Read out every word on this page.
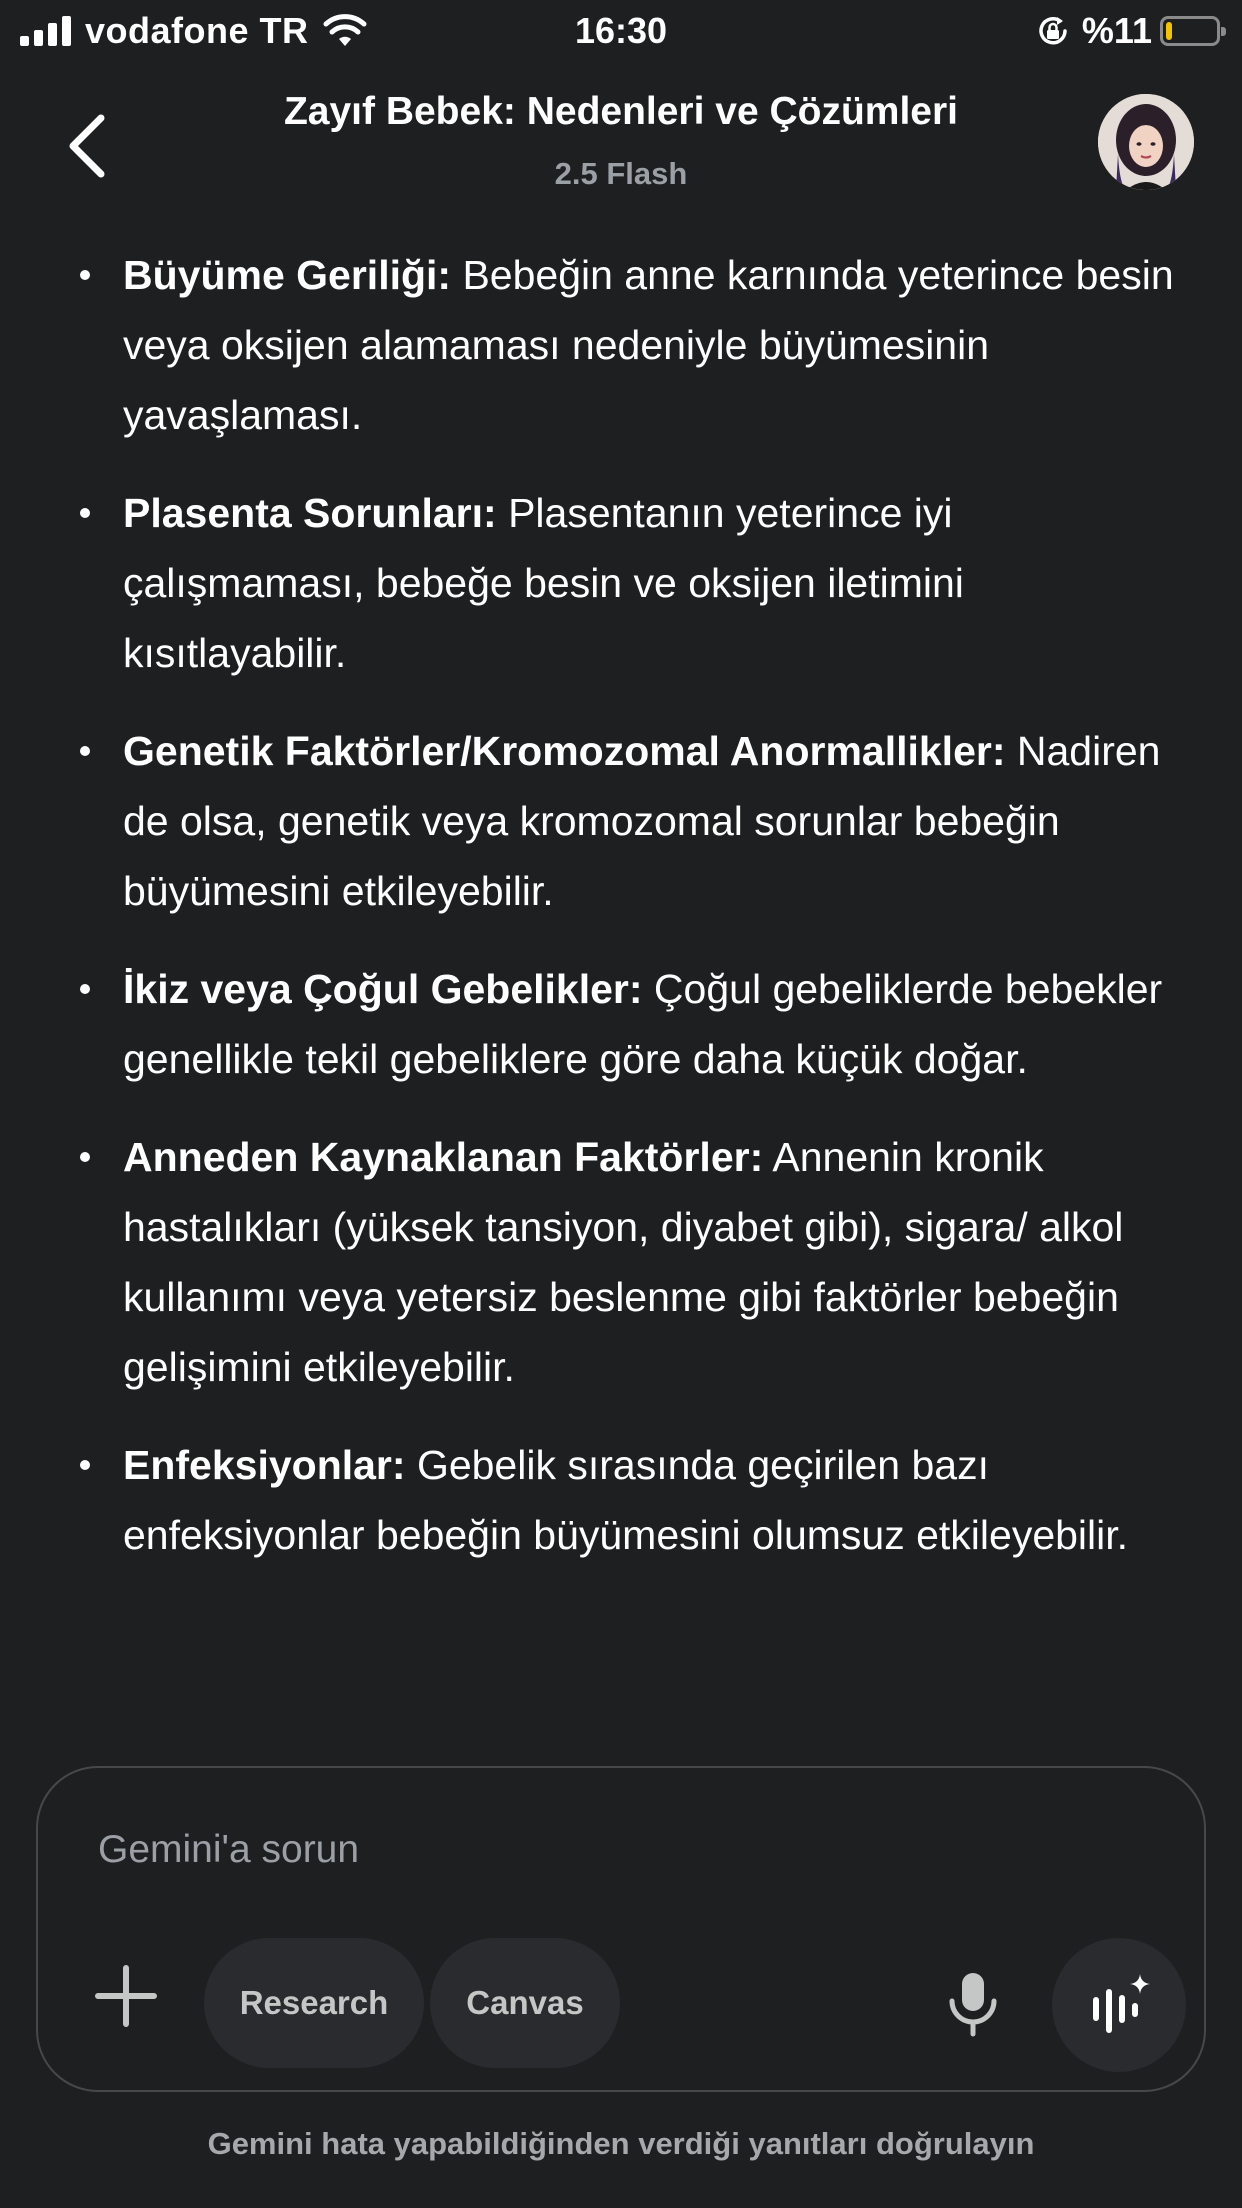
vodafone TR	16:30	%11
Zayıf Bebek: Nedenleri ve Çözümleri
2.5 Flash
Büyüme Geriliği: Bebeğin anne karnında yeterince besin veya oksijen alamaması nedeniyle büyümesinin yavaşlaması.
Plasenta Sorunları: Plasentanın yeterince iyi çalışmaması, bebeğe besin ve oksijen iletimini kısıtlayabilir.
Genetik Faktörler/Kromozomal Anormallikler: Nadiren de olsa, genetik veya kromozomal sorunlar bebeğin büyümesini etkileyebilir.
İkiz veya Çoğul Gebelikler: Çoğul gebeliklerde bebekler genellikle tekil gebeliklere göre daha küçük doğar.
Anneden Kaynaklanan Faktörler: Annenin kronik hastalıkları (yüksek tansiyon, diyabet gibi), sigara/ alkol kullanımı veya yetersiz beslenme gibi faktörler bebeğin gelişimini etkileyebilir.
Enfeksiyonlar: Gebelik sırasında geçirilen bazı enfeksiyonlar bebeğin büyümesini olumsuz etkileyebilir.
Gemini'a sorun
Research	Canvas
Gemini hata yapabildiğinden verdiği yanıtları doğrulayın
